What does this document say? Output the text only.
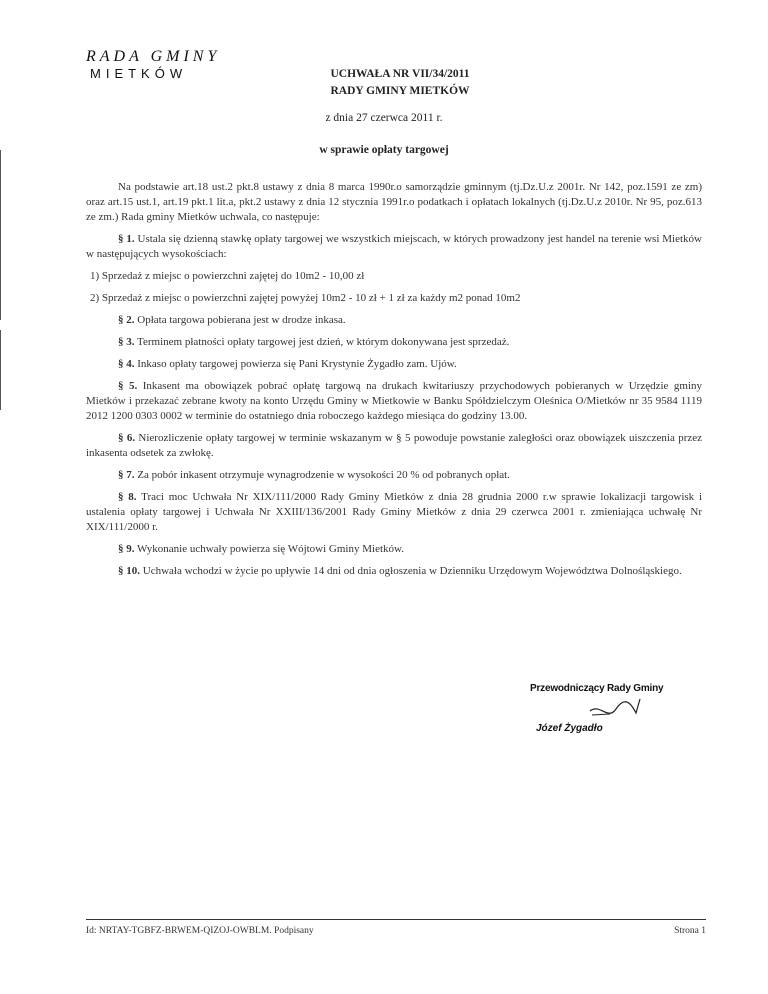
RADA GMINY
MIETKÓW	UCHWAŁA NR VII/34/2011
RADY GMINY MIETKÓW
z dnia 27 czerwca 2011 r.
w sprawie opłaty targowej

Na podstawie art.18 ust.2 pkt.8 ustawy z dnia 8 marca 1990r.o samorządzie gminnym (tj.Dz.U.z 2001r. Nr 142, poz.1591 ze zm) oraz art.15 ust.1, art.19 pkt.1 lit.a, pkt.2 ustawy z dnia 12 stycznia 1991r.o podatkach i opłatach lokalnych (tj.Dz.U.z 2010r. Nr 95, poz.613 ze zm.) Rada gminy Mietków uchwala, co następuje:

§ 1. Ustala się dzienną stawkę opłaty targowej we wszystkich miejscach, w których prowadzony jest handel na terenie wsi Mietków w następujących wysokościach:

1) Sprzedaż z miejsc o powierzchni zajętej do 10m2 - 10,00 zł

2) Sprzedaż z miejsc o powierzchni zajętej powyżej 10m2 - 10 zł + 1 zł za każdy m2 ponad 10m2

§ 2. Opłata targowa pobierana jest w drodze inkasa.

§ 3. Terminem płatności opłaty targowej jest dzień, w którym dokonywana jest sprzedaż.

§ 4. Inkaso opłaty targowej powierza się Pani Krystynie Żygadło zam. Ujów.

§ 5. Inkasent ma obowiązek pobrać opłatę targową na drukach kwitariuszy przychodowych pobieranych w Urzędzie gminy Mietków i przekazać zebrane kwoty na konto Urzędu Gminy w Mietkowie w Banku Spółdzielczym Oleśnica O/Mietków nr 35 9584 1119 2012 1200 0303 0002 w terminie do ostatniego dnia roboczego każdego miesiąca do godziny 13.00.

§ 6. Nierozliczenie opłaty targowej w terminie wskazanym w § 5 powoduje powstanie zaległości oraz obowiązek uiszczenia przez inkasenta odsetek za zwłokę.

§ 7. Za pobór inkasent otrzymuje wynagrodzenie w wysokości 20 % od pobranych opłat.

§ 8. Traci moc Uchwała Nr XIX/111/2000 Rady Gminy Mietków z dnia 28 grudnia 2000 r.w sprawie lokalizacji targowisk i ustalenia opłaty targowej i Uchwała Nr XXIII/136/2001 Rady Gminy Mietków z dnia 29 czerwca 2001 r. zmieniająca uchwałę Nr XIX/111/2000 r.

§ 9. Wykonanie uchwały powierza się Wójtowi Gminy Mietków.

§ 10. Uchwała wchodzi w życie po upływie 14 dni od dnia ogłoszenia w Dzienniku Urzędowym Województwa Dolnośląskiego.

Przewodniczący Rady Gminy
Józef Żygadło
Id: NRTAY-TGBFZ-BRWEM-QIZOJ-OWBLM. Podpisany	Strona 1
